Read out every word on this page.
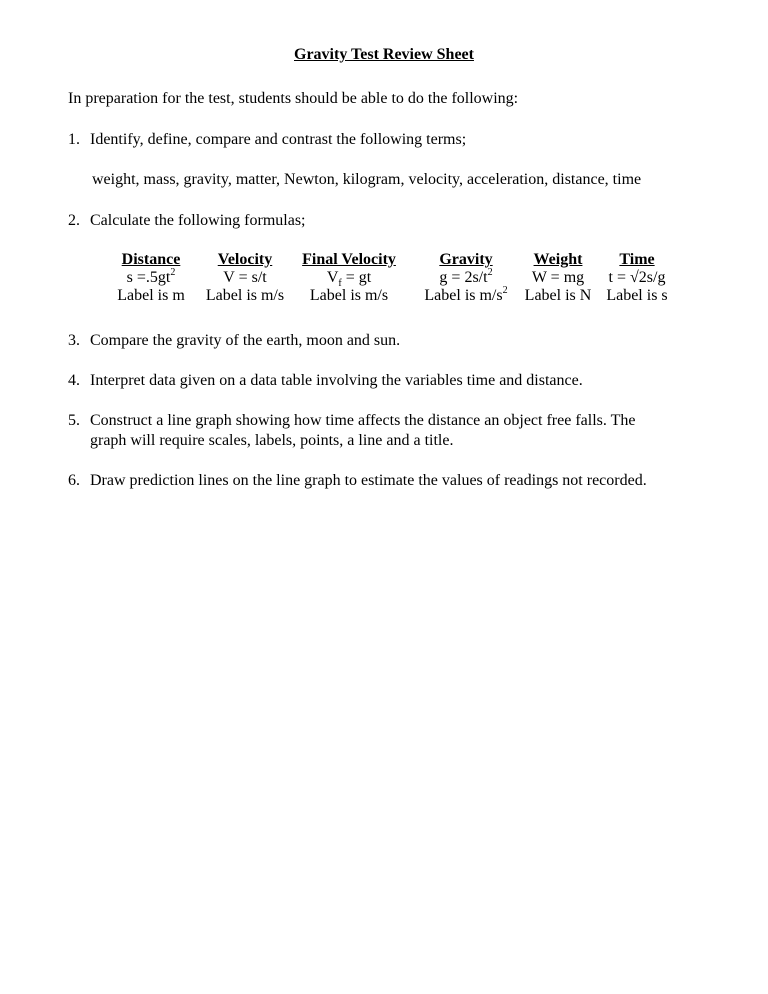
Gravity Test Review Sheet
In preparation for the test, students should be able to do the following:
1. Identify, define, compare and contrast the following terms;
weight, mass, gravity, matter, Newton, kilogram, velocity, acceleration, distance, time
2. Calculate the following formulas;
Distance
$s =.5gt^2$
Label is m
Velocity
V = s/t
Label is m/s
Final Velocity
$V_f$ = gt
Label is m/s
Gravity
$g = 2s/t^2$
Label is $m/s^2$
Weight
W = mg
Label is N
Time
t = √2s/g
Label is s
3. Compare the gravity of the earth, moon and sun.
4. Interpret data given on a data table involving the variables time and distance.
5. Construct a line graph showing how time affects the distance an object free falls. The
graph will require scales, labels, points, a line and a title.
6. Draw prediction lines on the line graph to estimate the values of readings not recorded.
